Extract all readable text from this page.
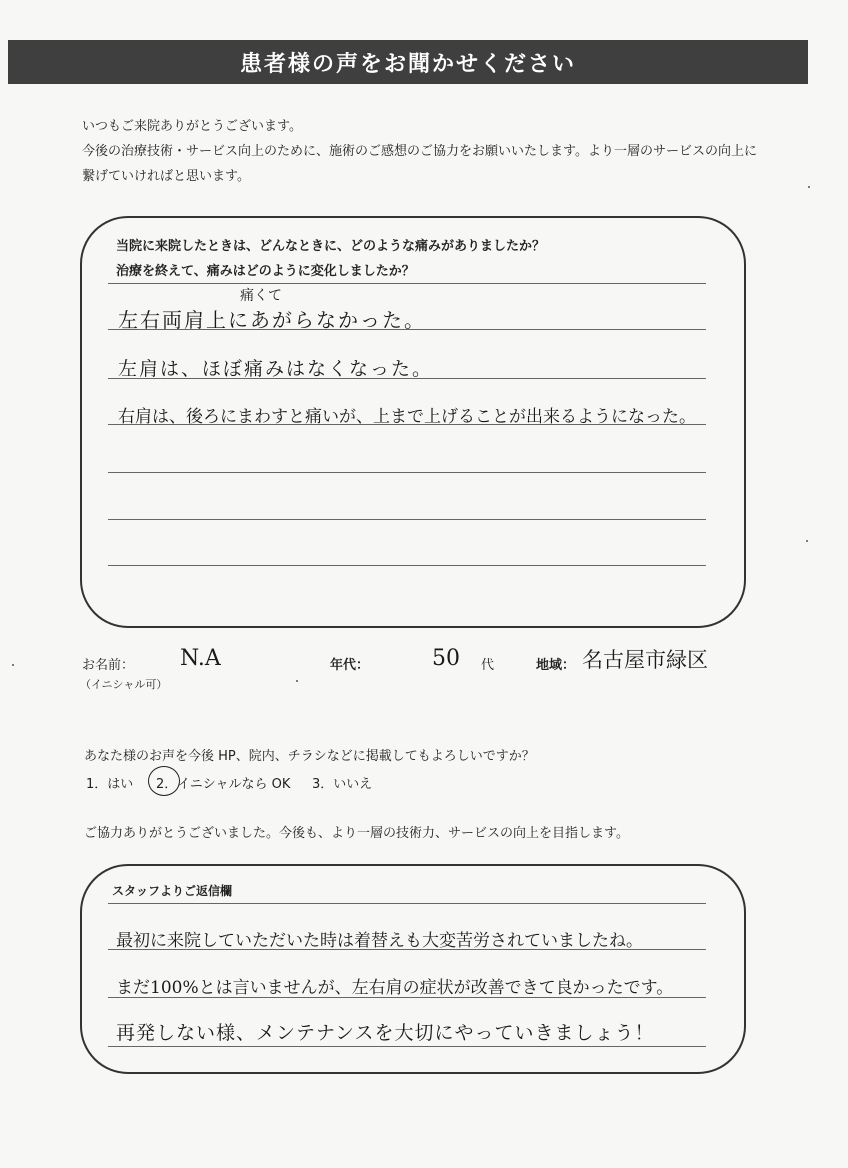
患者様の声をお聞かせください
いつもご来院ありがとうございます。
今後の治療技術・サービス向上のために、施術のご感想のご協力をお願いいたします。より一層のサービスの向上に
繋げていければと思います。
当院に来院したときは、どんなときに、どのような痛みがありましたか？
治療を終えて、痛みはどのように変化しましたか？
痛くて
左右両肩上にあがらなかった。
左肩は、ほぼ痛みはなくなった。
右肩は、後ろにまわすと痛いが、上まで上げることが出来るようになった。
お名前：
（イニシャル可）
N.A	年代：	50 代	地域： 名古屋市緑区
あなた様のお声を今後 HP、院内、チラシなどに掲載してもよろしいですか？
1．はい 2．イニシャルなら OK 3．いいえ
ご協力ありがとうございました。今後も、より一層の技術力、サービスの向上を目指します。
スタッフよりご返信欄
最初に来院していただいた時は着替えも大変苦労されていましたね。
まだ100%とは言いませんが、左右肩の症状が改善できて良かったです。
再発しない様、メンテナンスを大切にやっていきましょう！
